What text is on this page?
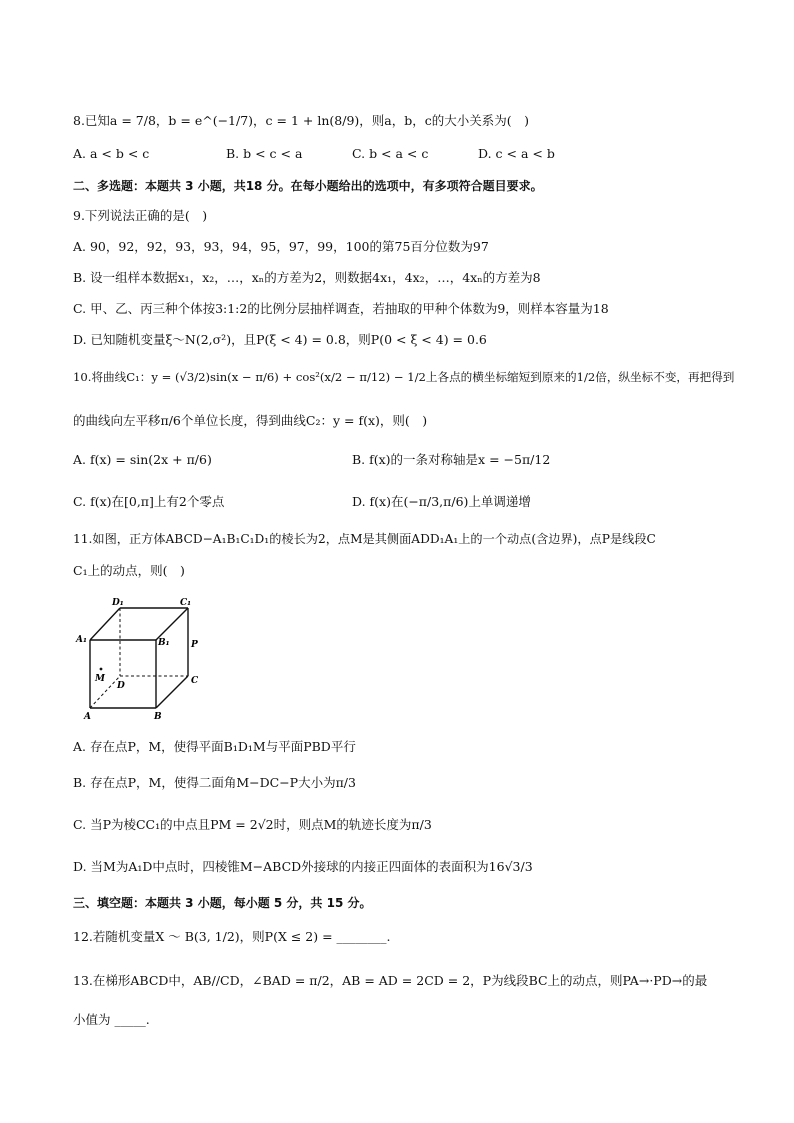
8.已知a = 7/8，b = e^(−1/7)，c = 1 + ln(8/9)，则a，b，c的大小关系为(　)
A. a < b < c	B. b < c < a	C. b < a < c	D. c < a < b
二、多选题：本题共 3 小题，共18 分。在每小题给出的选项中，有多项符合题目要求。
9.下列说法正确的是(　)
A. 90，92，92，93，93，94，95，97，99，100的第75百分位数为97
B. 设一组样本数据x₁，x₂，…，xₙ的方差为2，则数据4x₁，4x₂，…，4xₙ的方差为8
C. 甲、乙、丙三种个体按3:1:2的比例分层抽样调查，若抽取的甲种个体数为9，则样本容量为18
D. 已知随机变量ξ～N(2,σ²)，且P(ξ < 4) = 0.8，则P(0 < ξ < 4) = 0.6
10.将曲线C₁：y = (√3/2)sin(x − π/6) + cos²(x/2 − π/12) − 1/2上各点的横坐标缩短到原来的1/2倍，纵坐标不变，再把得到
的曲线向左平移π/6个单位长度，得到曲线C₂：y = f(x)，则(　)
A. f(x) = sin(2x + π/6)	B. f(x)的一条对称轴是x = −5π/12
C. f(x)在[0,π]上有2个零点	D. f(x)在(−π/3,π/6)上单调递增
11.如图，正方体ABCD−A₁B₁C₁D₁的棱长为2，点M是其侧面ADD₁A₁上的一个动点(含边界)，点P是线段C
C₁上的动点，则(　)
D₁	C₁
A₁	B₁ P
M
D	C
A	B
A. 存在点P，M，使得平面B₁D₁M与平面PBD平行
B. 存在点P，M，使得二面角M−DC−P大小为π/3
C. 当P为棱CC₁的中点且PM = 2√2时，则点M的轨迹长度为π/3
D. 当M为A₁D中点时，四棱锥M−ABCD外接球的内接正四面体的表面积为16√3/3
三、填空题：本题共 3 小题，每小题 5 分，共 15 分。
12.若随机变量X ～ B(3, 1/2)，则P(X ≤ 2) = ________.
13.在梯形ABCD中，AB//CD，∠BAD = π/2，AB = AD = 2CD = 2，P为线段BC上的动点，则PA→·PD→的最
小值为 _____.
